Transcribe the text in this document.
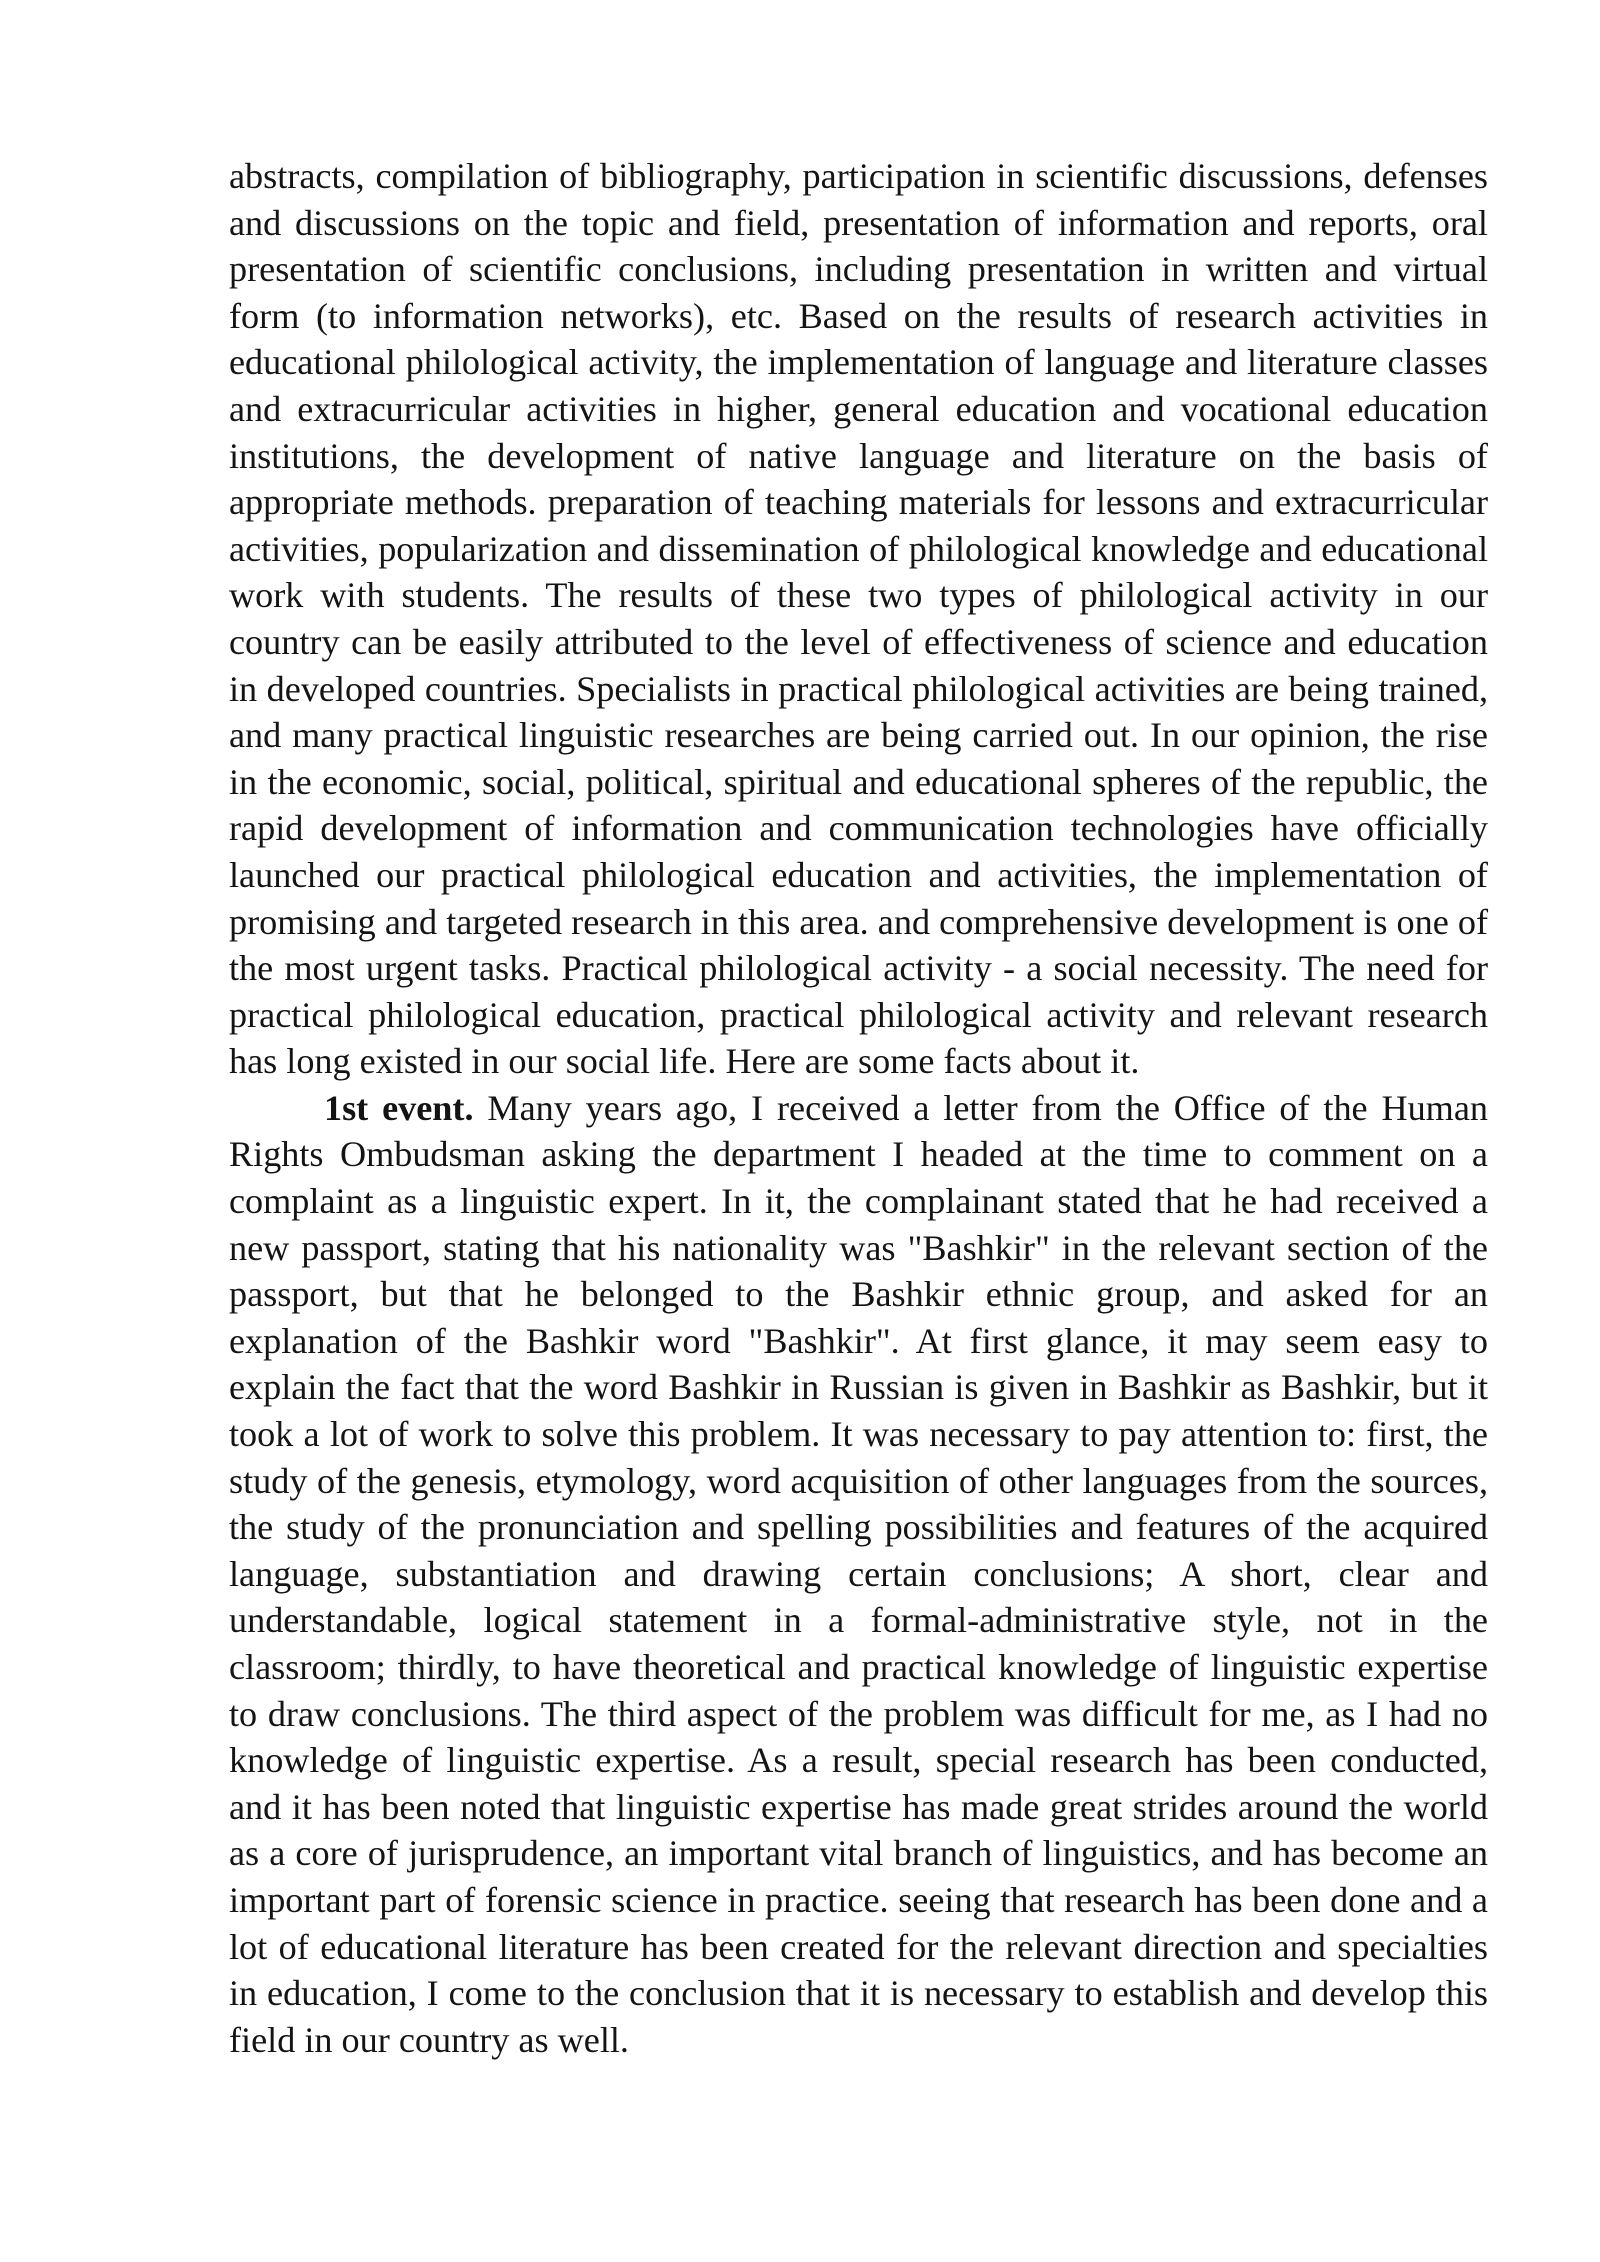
abstracts, compilation of bibliography, participation in scientific discussions, defenses and discussions on the topic and field, presentation of information and reports, oral presentation of scientific conclusions, including presentation in written and virtual form (to information networks), etc. Based on the results of research activities in educational philological activity, the implementation of language and literature classes and extracurricular activities in higher, general education and vocational education institutions, the development of native language and literature on the basis of appropriate methods. preparation of teaching materials for lessons and extracurricular activities, popularization and dissemination of philological knowledge and educational work with students. The results of these two types of philological activity in our country can be easily attributed to the level of effectiveness of science and education in developed countries. Specialists in practical philological activities are being trained, and many practical linguistic researches are being carried out. In our opinion, the rise in the economic, social, political, spiritual and educational spheres of the republic, the rapid development of information and communication technologies have officially launched our practical philological education and activities, the implementation of promising and targeted research in this area. and comprehensive development is one of the most urgent tasks. Practical philological activity - a social necessity. The need for practical philological education, practical philological activity and relevant research has long existed in our social life. Here are some facts about it.

1st event. Many years ago, I received a letter from the Office of the Human Rights Ombudsman asking the department I headed at the time to comment on a complaint as a linguistic expert. In it, the complainant stated that he had received a new passport, stating that his nationality was "Bashkir" in the relevant section of the passport, but that he belonged to the Bashkir ethnic group, and asked for an explanation of the Bashkir word "Bashkir". At first glance, it may seem easy to explain the fact that the word Bashkir in Russian is given in Bashkir as Bashkir, but it took a lot of work to solve this problem. It was necessary to pay attention to: first, the study of the genesis, etymology, word acquisition of other languages from the sources, the study of the pronunciation and spelling possibilities and features of the acquired language, substantiation and drawing certain conclusions; A short, clear and understandable, logical statement in a formal-administrative style, not in the classroom; thirdly, to have theoretical and practical knowledge of linguistic expertise to draw conclusions. The third aspect of the problem was difficult for me, as I had no knowledge of linguistic expertise. As a result, special research has been conducted, and it has been noted that linguistic expertise has made great strides around the world as a core of jurisprudence, an important vital branch of linguistics, and has become an important part of forensic science in practice. seeing that research has been done and a lot of educational literature has been created for the relevant direction and specialties in education, I come to the conclusion that it is necessary to establish and develop this field in our country as well.
